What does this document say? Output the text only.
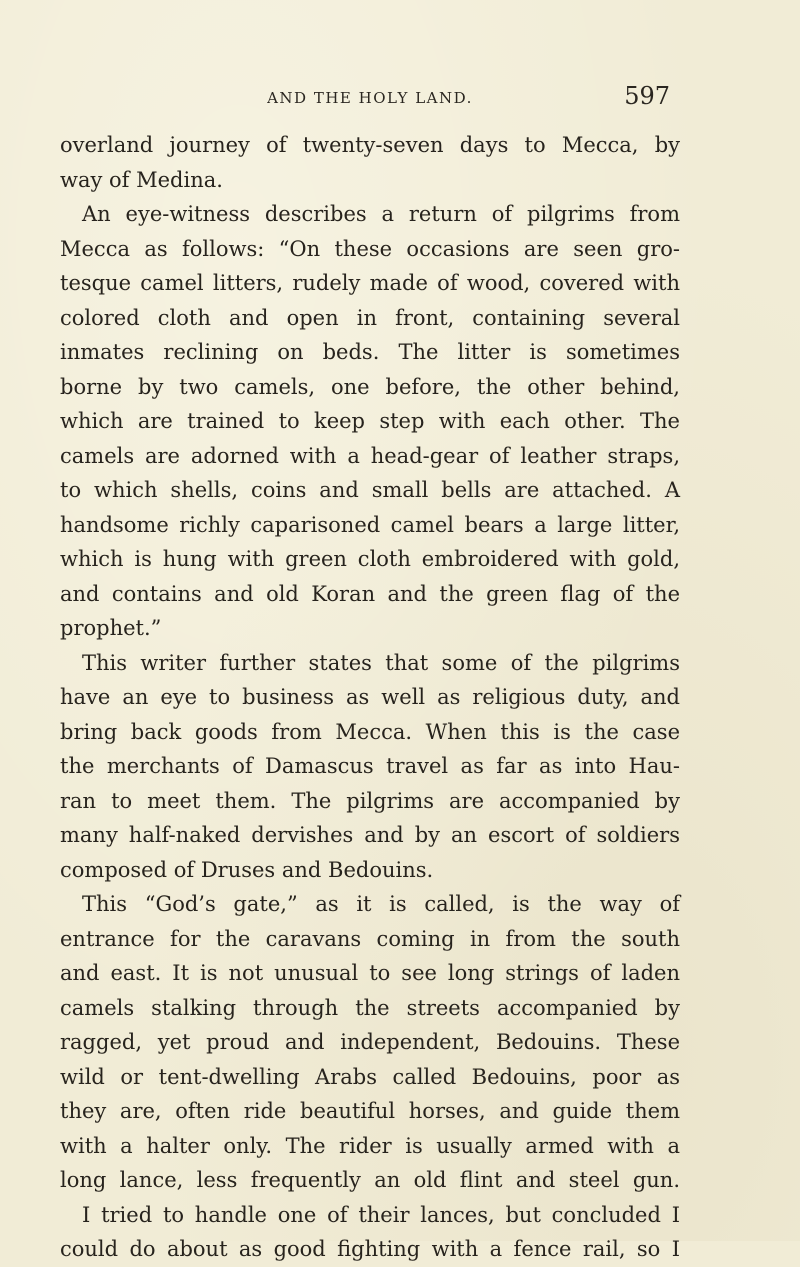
AND THE HOLY LAND.	597
overland journey of twenty-seven days to Mecca, by
way of Medina.
An eye-witness describes a return of pilgrims from
Mecca as follows: “On these occasions are seen gro-
tesque camel litters, rudely made of wood, covered with
colored cloth and open in front, containing several
inmates reclining on beds. The litter is sometimes
borne by two camels, one before, the other behind,
which are trained to keep step with each other. The
camels are adorned with a head-gear of leather straps,
to which shells, coins and small bells are attached. A
handsome richly caparisoned camel bears a large litter,
which is hung with green cloth embroidered with gold,
and contains and old Koran and the green flag of the
prophet.”
This writer further states that some of the pilgrims
have an eye to business as well as religious duty, and
bring back goods from Mecca. When this is the case
the merchants of Damascus travel as far as into Hau-
ran to meet them. The pilgrims are accompanied by
many half-naked dervishes and by an escort of soldiers
composed of Druses and Bedouins.
This “God’s gate,” as it is called, is the way of
entrance for the caravans coming in from the south
and east. It is not unusual to see long strings of laden
camels stalking through the streets accompanied by
ragged, yet proud and independent, Bedouins. These
wild or tent-dwelling Arabs called Bedouins, poor as
they are, often ride beautiful horses, and guide them
with a halter only. The rider is usually armed with a
long lance, less frequently an old flint and steel gun.
I tried to handle one of their lances, but concluded I
could do about as good fighting with a fence rail, so I
